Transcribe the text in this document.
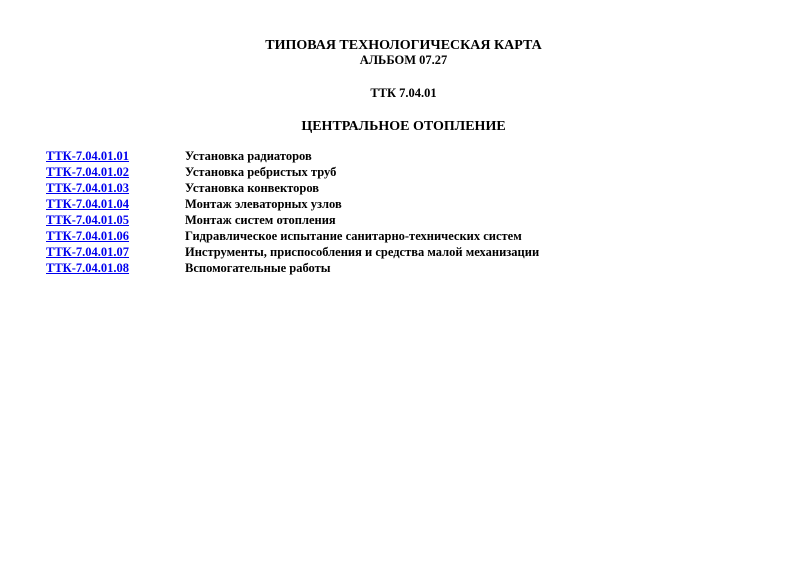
ТИПОВАЯ ТЕХНОЛОГИЧЕСКАЯ КАРТА
АЛЬБОМ 07.27
ТТК 7.04.01
ЦЕНТРАЛЬНОЕ ОТОПЛЕНИЕ
ТТК-7.04.01.01	Установка радиаторов
ТТК-7.04.01.02	Установка ребристых труб
ТТК-7.04.01.03	Установка конвекторов
ТТК-7.04.01.04	Монтаж элеваторных узлов
ТТК-7.04.01.05	Монтаж систем отопления
ТТК-7.04.01.06	Гидравлическое испытание санитарно-технических систем
ТТК-7.04.01.07	Инструменты, приспособления и средства малой механизации
ТТК-7.04.01.08	Вспомогательные работы
